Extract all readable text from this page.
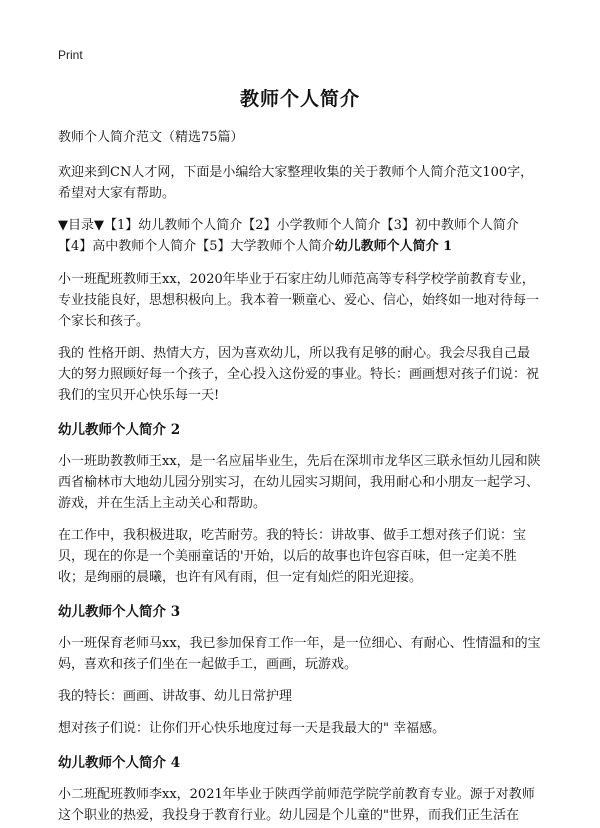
Print
教师个人简介

教师个人简介范文（精选75篇）

欢迎来到CN人才网，下面是小编给大家整理收集的关于教师个人简介范文100字，希望对大家有帮助。

▼目录▼【1】幼儿教师个人简介【2】小学教师个人简介【3】初中教师个人简介【4】高中教师个人简介【5】大学教师个人简介幼儿教师个人简介 1

小一班配班教师王xx，2020年毕业于石家庄幼儿师范高等专科学校学前教育专业，专业技能良好，思想积极向上。我本着一颗童心、爱心、信心，始终如一地对待每一个家长和孩子。

我的 性格开朗、热情大方，因为喜欢幼儿，所以我有足够的耐心。我会尽我自己最大的努力照顾好每一个孩子，全心投入这份爱的事业。特长：画画想对孩子们说：祝我们的宝贝开心快乐每一天!

幼儿教师个人简介 2

小一班助教教师王xx，是一名应届毕业生，先后在深圳市龙华区三联永恒幼儿园和陕西省榆林市大地幼儿园分别实习，在幼儿园实习期间，我用耐心和小朋友一起学习、游戏，并在生活上主动关心和帮助。

在工作中，我积极进取，吃苦耐劳。我的特长：讲故事、做手工想对孩子们说：宝贝，现在的你是一个美丽童话的'开始，以后的故事也许包容百味，但一定美不胜收；是绚丽的晨曦，也许有风有雨，但一定有灿烂的阳光迎接。

幼儿教师个人简介 3

小一班保育老师马xx，我已参加保育工作一年，是一位细心、有耐心、性情温和的宝妈，喜欢和孩子们坐在一起做手工，画画，玩游戏。

我的特长：画画、讲故事、幼儿日常护理

想对孩子们说：让你们开心快乐地度过每一天是我最大的" 幸福感。

幼儿教师个人简介 4

小二班配班教师李xx，2021年毕业于陕西学前师范学院学前教育专业。源于对教师这个职业的热爱，我投身于教育行业。幼儿园是个儿童的"世界，而我们正生活在
